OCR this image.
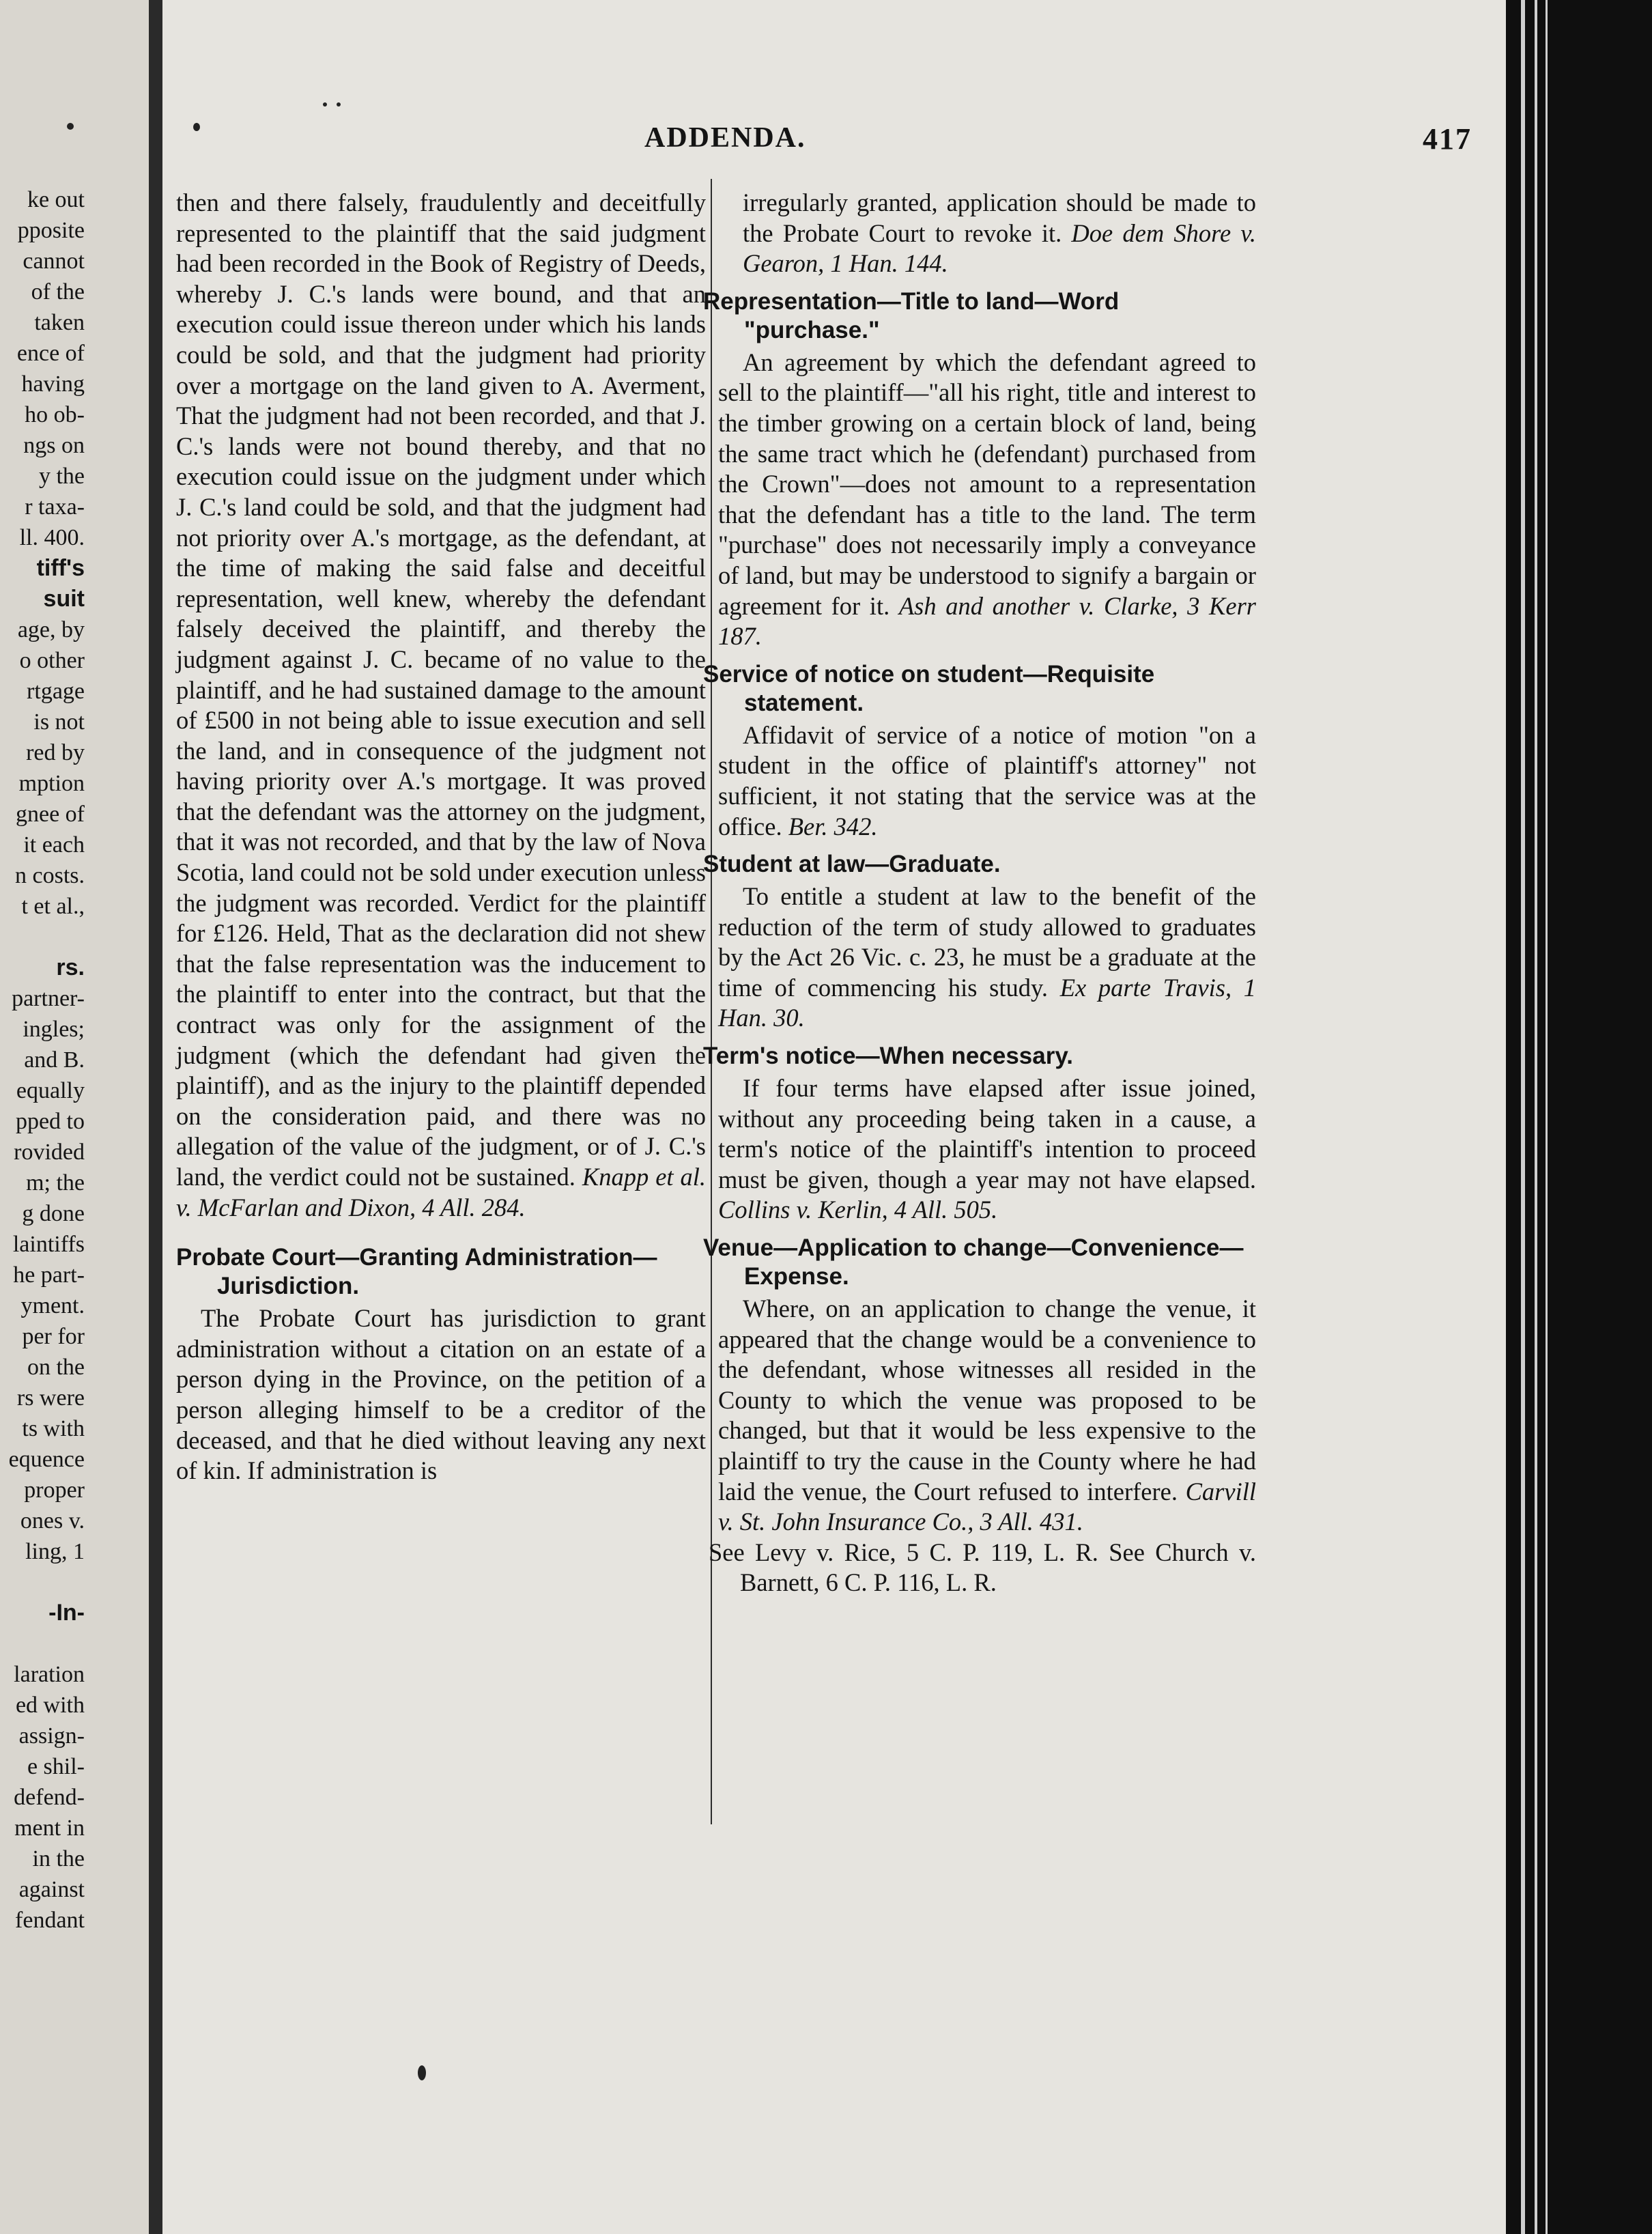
ke out
pposite
cannot
of the
taken
ence of
having
ho ob-
ngs on
y the
r taxa-
ll. 400.
tiff's
suit
age, by
o other
rtgage
is not
red by
mption
gnee of
it each
n costs.
t et al.,

rs.
partner-
ingles;
and B.
equally
pped to
rovided
m; the
g done
laintiffs
he part-
yment.
per for
on the
rs were
ts with
equence
proper
ones v.
ling, 1

-In-

laration
ed with
assign-
e shil-
defend-
ment in
in the
against
fendant
ADDENDA.	417

then and there falsely, fraudulently and deceitfully represented to the plaintiff that the said judgment had been recorded in the Book of Registry of Deeds, whereby J. C.'s lands were bound, and that an execution could issue thereon under which his lands could be sold, and that the judgment had priority over a mortgage on the land given to A. Averment, That the judgment had not been recorded, and that J. C.'s lands were not bound thereby, and that no execution could issue on the judgment under which J. C.'s land could be sold, and that the judgment had not priority over A.'s mortgage, as the defendant, at the time of making the said false and deceitful representation, well knew, whereby the defendant falsely deceived the plaintiff, and thereby the judgment against J. C. became of no value to the plaintiff, and he had sustained damage to the amount of £500 in not being able to issue execution and sell the land, and in consequence of the judgment not having priority over A.'s mortgage. It was proved that the defendant was the attorney on the judgment, that it was not recorded, and that by the law of Nova Scotia, land could not be sold under execution unless the judgment was recorded. Verdict for the plaintiff for £126. Held, That as the declaration did not shew that the false representation was the inducement to the plaintiff to enter into the contract, but that the contract was only for the assignment of the judgment (which the defendant had given the plaintiff), and as the injury to the plaintiff depended on the consideration paid, and there was no allegation of the value of the judgment, or of J. C.'s land, the verdict could not be sustained. Knapp et al. v. McFarlan and Dixon, 4 All. 284.

Probate Court—Granting Administration—Jurisdiction.

The Probate Court has jurisdiction to grant administration without a citation on an estate of a person dying in the Province, on the petition of a person alleging himself to be a creditor of the deceased, and that he died without leaving any next of kin. If administration is

irregularly granted, application should be made to the Probate Court to revoke it. Doe dem Shore v. Gearon, 1 Han. 144.

Representation—Title to land—Word "purchase."

An agreement by which the defendant agreed to sell to the plaintiff—"all his right, title and interest to the timber growing on a certain block of land, being the same tract which he (defendant) purchased from the Crown"—does not amount to a representation that the defendant has a title to the land. The term "purchase" does not necessarily imply a conveyance of land, but may be understood to signify a bargain or agreement for it. Ash and another v. Clarke, 3 Kerr 187.

Service of notice on student—Requisite statement.

Affidavit of service of a notice of motion "on a student in the office of plaintiff's attorney" not sufficient, it not stating that the service was at the office. Ber. 342.

Student at law—Graduate.

To entitle a student at law to the benefit of the reduction of the term of study allowed to graduates by the Act 26 Vic. c. 23, he must be a graduate at the time of commencing his study. Ex parte Travis, 1 Han. 30.

Term's notice—When necessary.

If four terms have elapsed after issue joined, without any proceeding being taken in a cause, a term's notice of the plaintiff's intention to proceed must be given, though a year may not have elapsed. Collins v. Kerlin, 4 All. 505.

Venue—Application to change—Convenience—Expense.

Where, on an application to change the venue, it appeared that the change would be a convenience to the defendant, whose witnesses all resided in the County to which the venue was proposed to be changed, but that it would be less expensive to the plaintiff to try the cause in the County where he had laid the venue, the Court refused to interfere. Carvill v. St. John Insurance Co., 3 All. 431.

See Levy v. Rice, 5 C. P. 119, L. R. See Church v. Barnett, 6 C. P. 116, L. R.
